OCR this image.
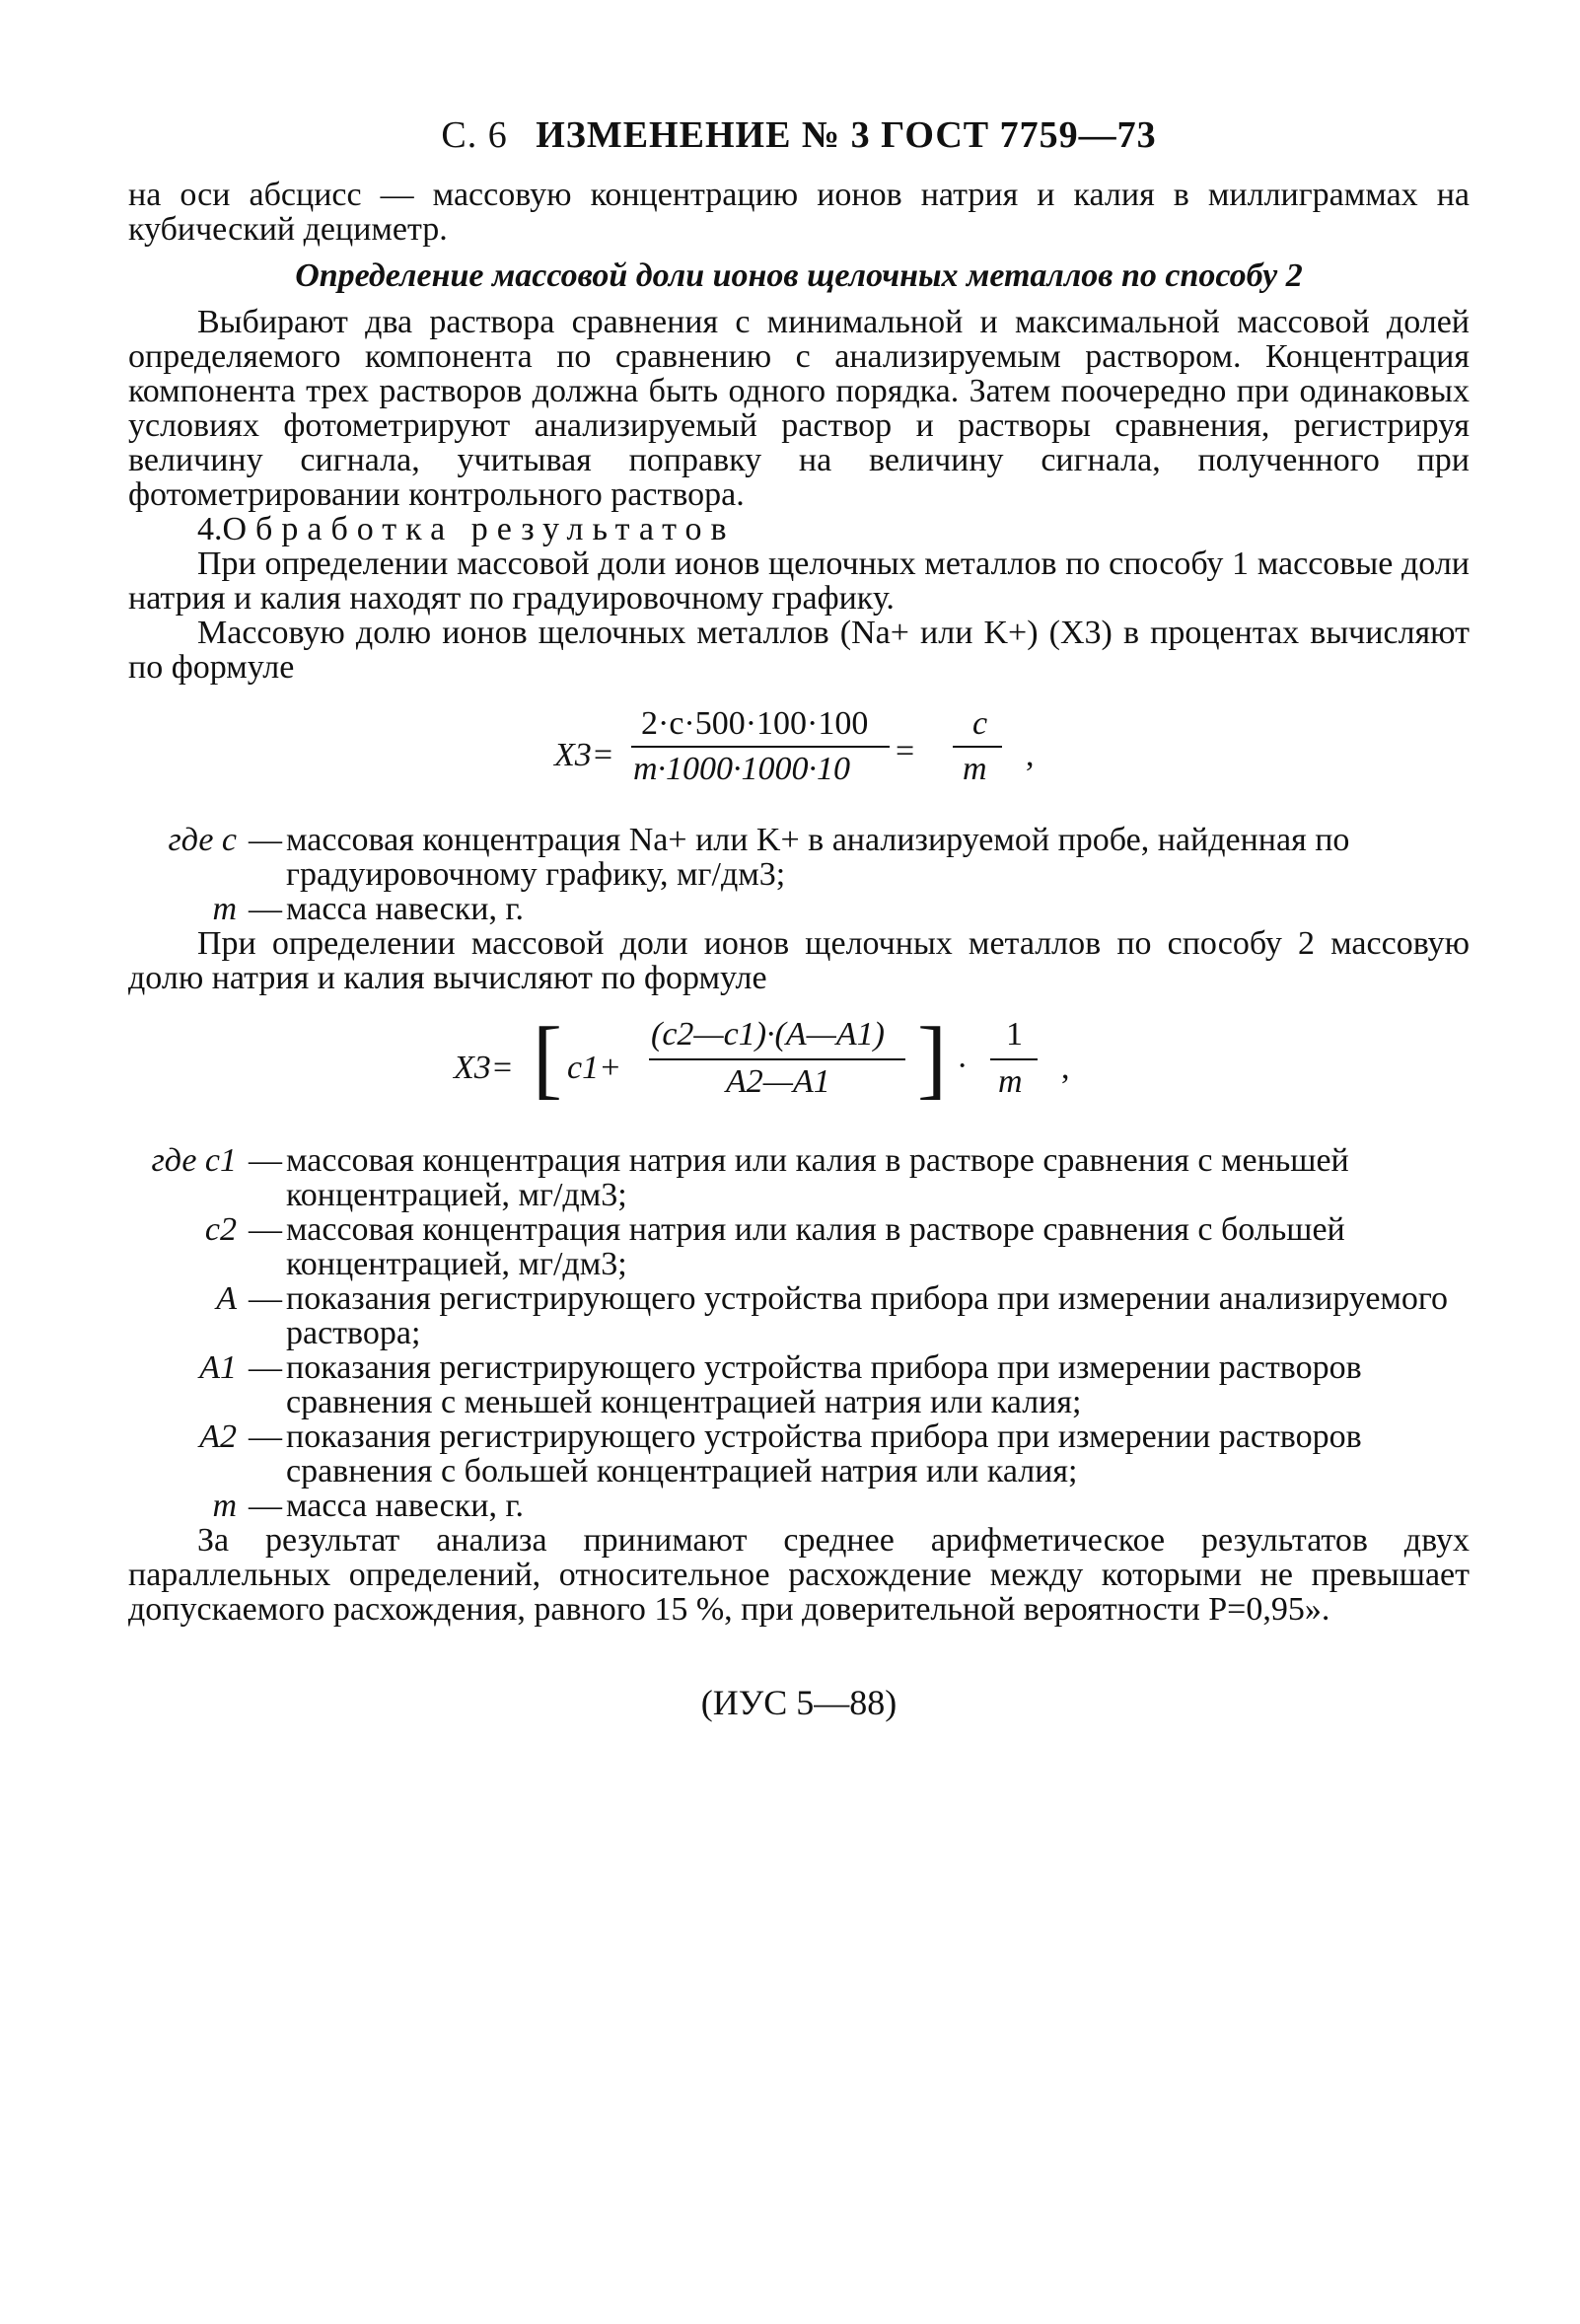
С. 6 ИЗМЕНЕНИЕ № 3 ГОСТ 7759—73

на оси абсцисс — массовую концентрацию ионов натрия и калия в миллиграммах на кубический дециметр.

Определение массовой доли ионов щелочных металлов по способу 2

Выбирают два раствора сравнения с минимальной и максимальной массовой долей определяемого компонента по сравнению с анализируемым раствором. Концентрация компонента трех растворов должна быть одного порядка. Затем поочередно при одинаковых условиях фотометрируют анализируемый раствор и растворы сравнения, регистрируя величину сигнала, учитывая поправку на величину сигнала, полученного при фотометрировании контрольного раствора.

4.Обработка результатов

При определении массовой доли ионов щелочных металлов по способу 1 массовые доли натрия и калия находят по градуировочному графику.

Массовую долю ионов щелочных металлов (Na+ или K+) (X3) в процентах вычисляют по формуле

X3=
2·c·500·100·100
m·1000·1000·10 =
c
m ,
где c — массовая концентрация Na+ или K+ в анализируемой пробе, найденная по градуировочному графику, мг/дм3;
m — масса навески, г.

При определении массовой доли ионов щелочных металлов по способу 2 массовую долю натрия и калия вычисляют по формуле

X3= [ c1+
(c2—c1)·(A—A1)
A2—A1 ] ·
1
m ,
где c1 — массовая концентрация натрия или калия в растворе сравнения с меньшей концентрацией, мг/дм3;
c2 — массовая концентрация натрия или калия в растворе сравнения с большей концентрацией, мг/дм3;
A — показания регистрирующего устройства прибора при измерении анализируемого раствора;
A1 — показания регистрирующего устройства прибора при измерении растворов сравнения с меньшей концентрацией натрия или калия;
A2 — показания регистрирующего устройства прибора при измерении растворов сравнения с большей концентрацией натрия или калия;
m — масса навески, г.

За результат анализа принимают среднее арифметическое результатов двух параллельных определений, относительное расхождение между которыми не превышает допускаемого расхождения, равного 15 %, при доверительной вероятности P=0,95».

(ИУС 5—88)
